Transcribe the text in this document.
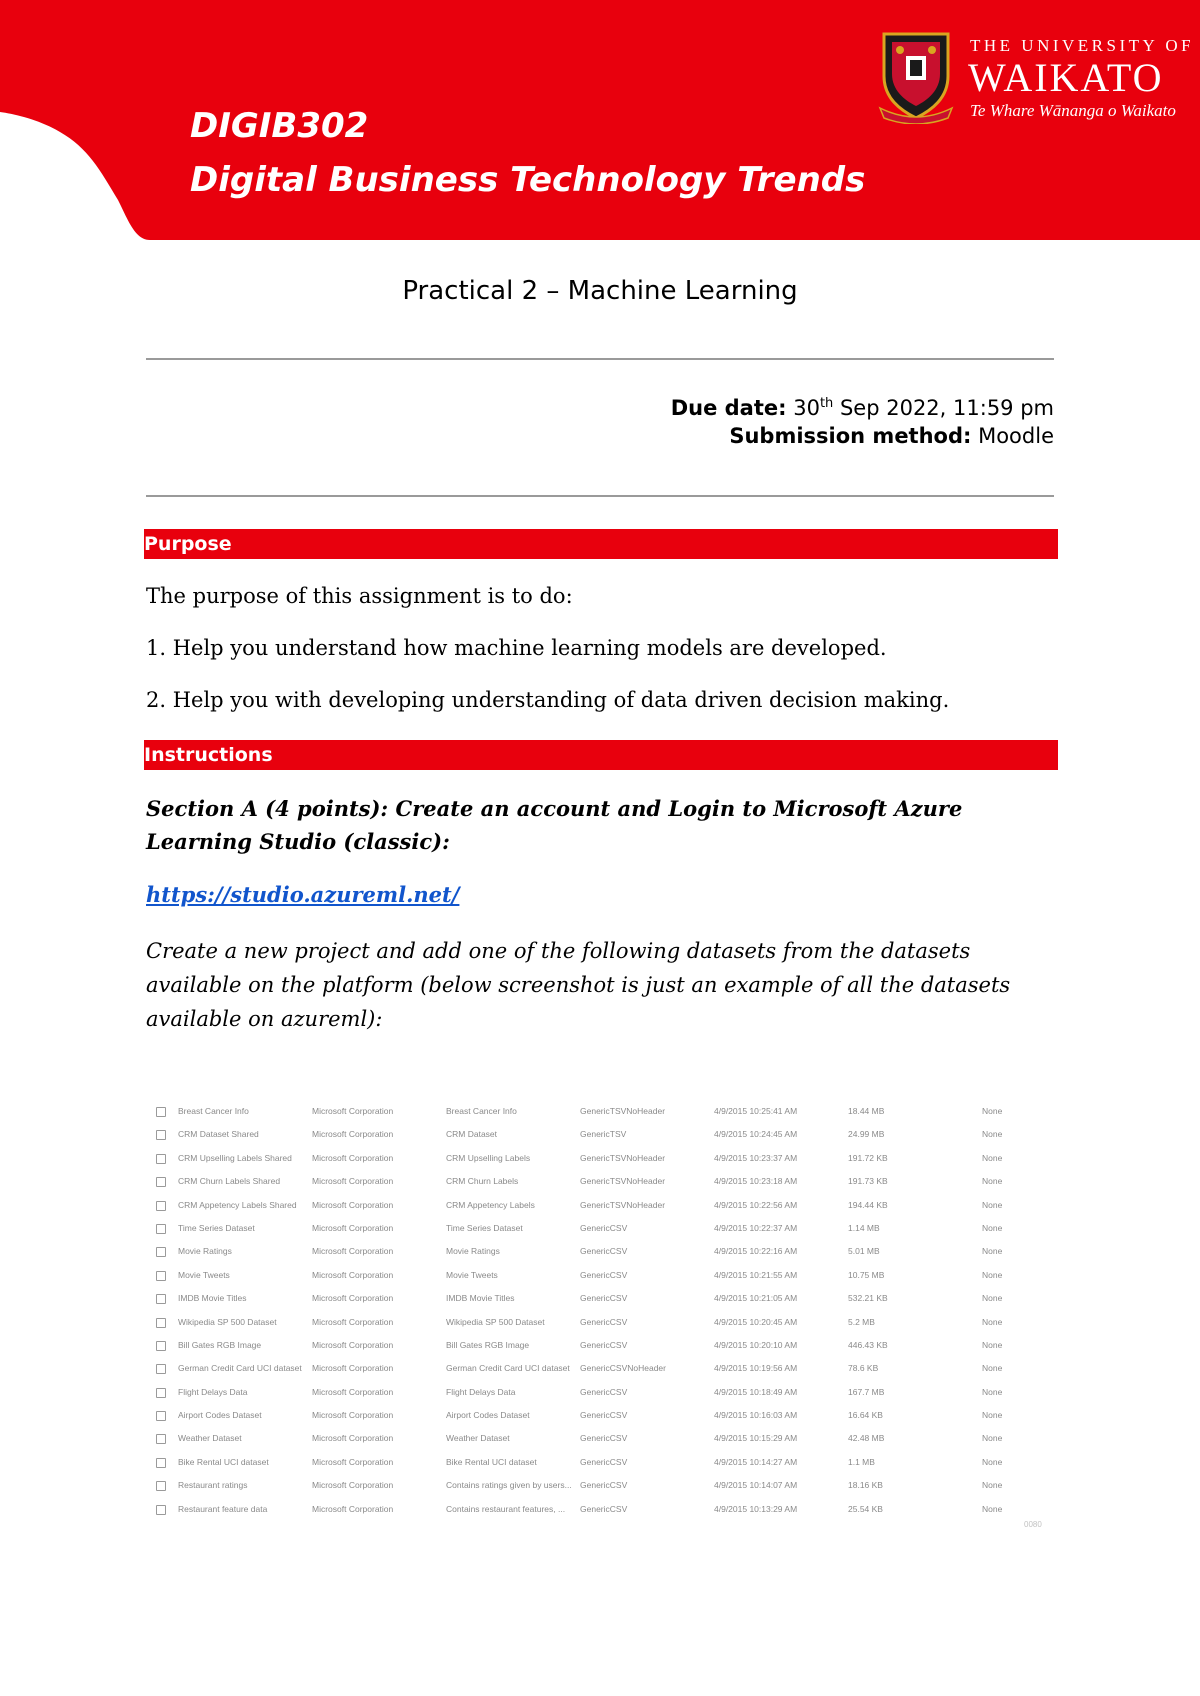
DIGIB302
Digital Business Technology Trends
THE UNIVERSITY OF
WAIKATO
Te Whare Wānanga o Waikato
Practical 2 – Machine Learning
Due date: 30th Sep 2022, 11:59 pm
Submission method: Moodle
Purpose
The purpose of this assignment is to do:
1. Help you understand how machine learning models are developed.
2. Help you with developing understanding of data driven decision making.
Instructions
Section A (4 points): Create an account and Login to Microsoft Azure Learning Studio (classic):
https://studio.azureml.net/
Create a new project and add one of the following datasets from the datasets available on the platform (below screenshot is just an example of all the datasets available on azureml):
Breast Cancer Info	Microsoft Corporation	Breast Cancer Info	GenericTSVNoHeader	4/9/2015 10:25:41 AM	18.44 MB	None
CRM Dataset Shared	Microsoft Corporation	CRM Dataset	GenericTSV	4/9/2015 10:24:45 AM	24.99 MB	None
CRM Upselling Labels Shared	Microsoft Corporation	CRM Upselling Labels	GenericTSVNoHeader	4/9/2015 10:23:37 AM	191.72 KB	None
CRM Churn Labels Shared	Microsoft Corporation	CRM Churn Labels	GenericTSVNoHeader	4/9/2015 10:23:18 AM	191.73 KB	None
CRM Appetency Labels Shared	Microsoft Corporation	CRM Appetency Labels	GenericTSVNoHeader	4/9/2015 10:22:56 AM	194.44 KB	None
Time Series Dataset	Microsoft Corporation	Time Series Dataset	GenericCSV	4/9/2015 10:22:37 AM	1.14 MB	None
Movie Ratings	Microsoft Corporation	Movie Ratings	GenericCSV	4/9/2015 10:22:16 AM	5.01 MB	None
Movie Tweets	Microsoft Corporation	Movie Tweets	GenericCSV	4/9/2015 10:21:55 AM	10.75 MB	None
IMDB Movie Titles	Microsoft Corporation	IMDB Movie Titles	GenericCSV	4/9/2015 10:21:05 AM	532.21 KB	None
Wikipedia SP 500 Dataset	Microsoft Corporation	Wikipedia SP 500 Dataset	GenericCSV	4/9/2015 10:20:45 AM	5.2 MB	None
Bill Gates RGB Image	Microsoft Corporation	Bill Gates RGB Image	GenericCSV	4/9/2015 10:20:10 AM	446.43 KB	None
German Credit Card UCI dataset	Microsoft Corporation	German Credit Card UCI dataset	GenericCSVNoHeader	4/9/2015 10:19:56 AM	78.6 KB	None
Flight Delays Data	Microsoft Corporation	Flight Delays Data	GenericCSV	4/9/2015 10:18:49 AM	167.7 MB	None
Airport Codes Dataset	Microsoft Corporation	Airport Codes Dataset	GenericCSV	4/9/2015 10:16:03 AM	16.64 KB	None
Weather Dataset	Microsoft Corporation	Weather Dataset	GenericCSV	4/9/2015 10:15:29 AM	42.48 MB	None
Bike Rental UCI dataset	Microsoft Corporation	Bike Rental UCI dataset	GenericCSV	4/9/2015 10:14:27 AM	1.1 MB	None
Restaurant ratings	Microsoft Corporation	Contains ratings given by users... GenericCSV	4/9/2015 10:14:07 AM	18.16 KB	None
Restaurant feature data	Microsoft Corporation	Contains restaurant features, ...	GenericCSV	4/9/2015 10:13:29 AM	25.54 KB	None
0080
